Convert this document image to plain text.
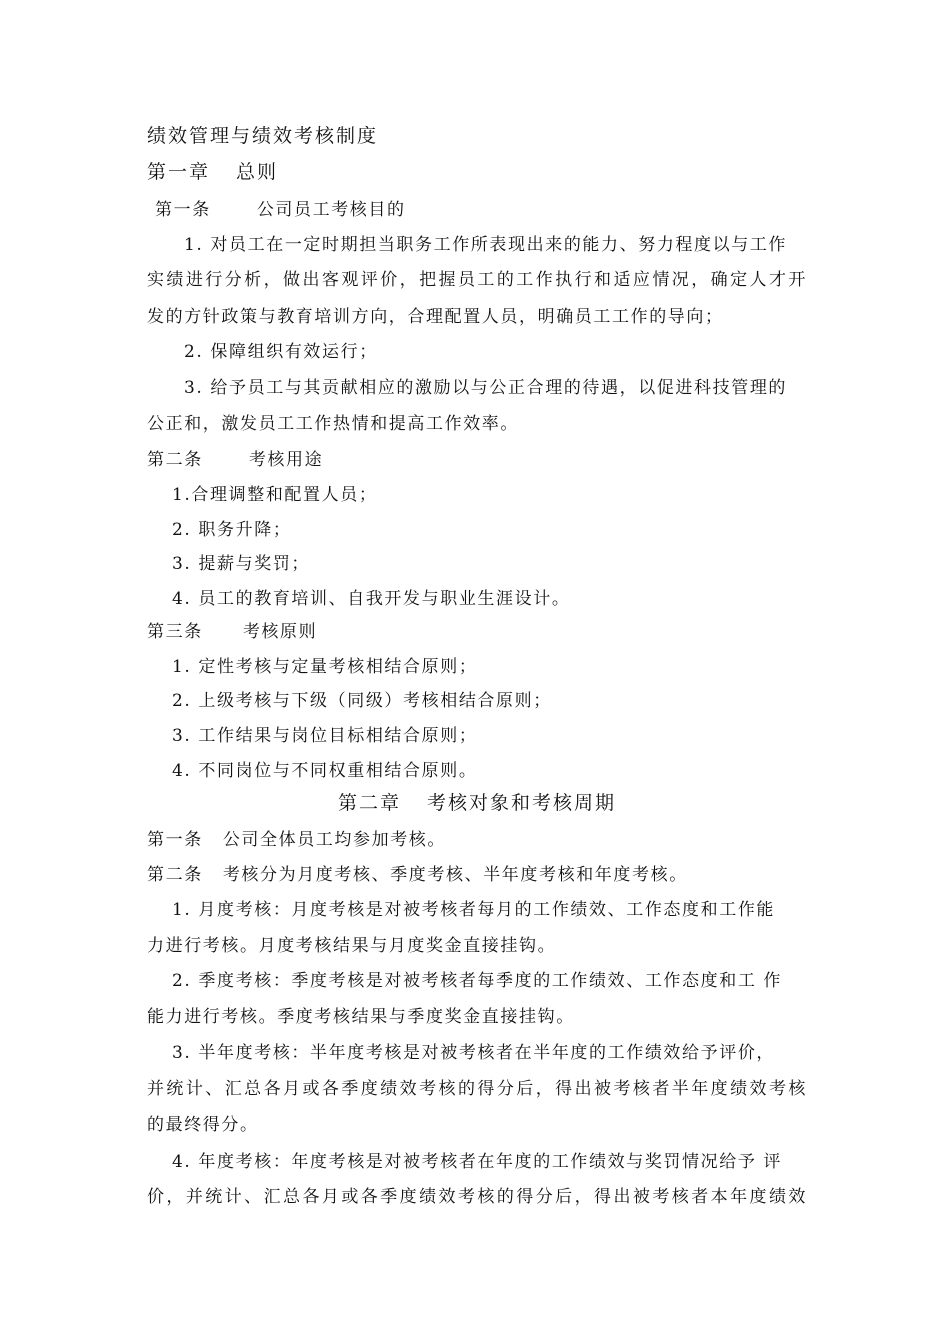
绩效管理与绩效考核制度
第一章 总则
第一条	公司员工考核目的
1. 对员工在一定时期担当职务工作所表现出来的能力、努力程度以与工作
实绩进行分析，做出客观评价，把握员工的工作执行和适应情况，确定人才开
发的方针政策与教育培训方向，合理配置人员，明确员工工作的导向；
2. 保障组织有效运行；
3. 给予员工与其贡献相应的激励以与公正合理的待遇，以促进科技管理的
公正和，激发员工工作热情和提高工作效率。
第二条	考核用途
1.合理调整和配置人员；
2. 职务升降；
3. 提薪与奖罚；
4. 员工的教育培训、自我开发与职业生涯设计。
第三条 考核原则
1. 定性考核与定量考核相结合原则；
2. 上级考核与下级（同级）考核相结合原则；
3. 工作结果与岗位目标相结合原则；
4. 不同岗位与不同权重相结合原则。
第二章 考核对象和考核周期
第一条 公司全体员工均参加考核。
第二条 考核分为月度考核、季度考核、半年度考核和年度考核。
1. 月度考核：月度考核是对被考核者每月的工作绩效、工作态度和工作能
力进行考核。月度考核结果与月度奖金直接挂钩。
2. 季度考核：季度考核是对被考核者每季度的工作绩效、工作态度和工 作
能力进行考核。季度考核结果与季度奖金直接挂钩。
3. 半年度考核：半年度考核是对被考核者在半年度的工作绩效给予评价，
并统计、汇总各月或各季度绩效考核的得分后，得出被考核者半年度绩效考核
的最终得分。
4. 年度考核：年度考核是对被考核者在年度的工作绩效与奖罚情况给予 评
价，并统计、汇总各月或各季度绩效考核的得分后，得出被考核者本年度绩效
